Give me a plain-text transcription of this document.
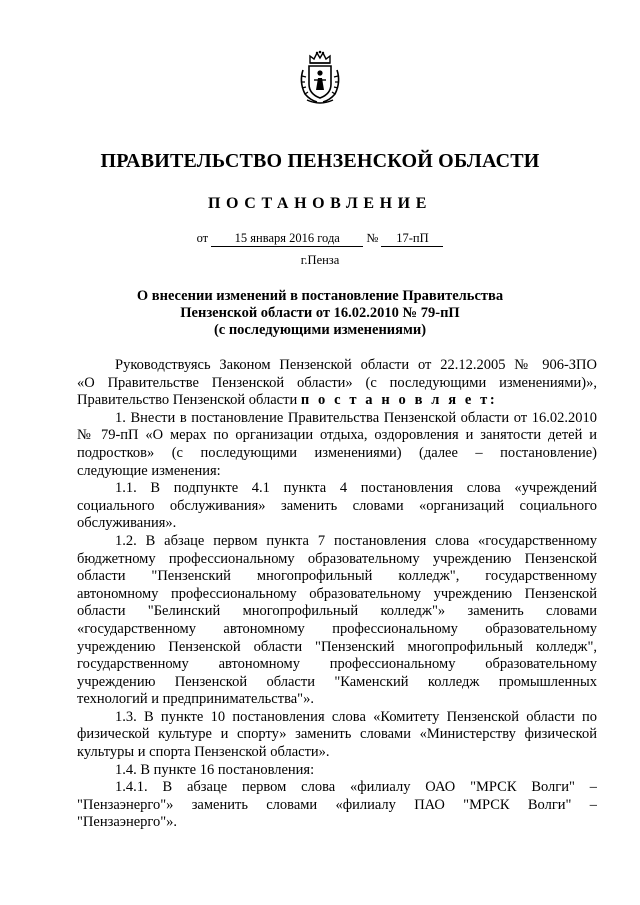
ПРАВИТЕЛЬСТВО ПЕНЗЕНСКОЙ ОБЛАСТИ
ПОСТАНОВЛЕНИЕ
от 15 января 2016 года № 17-пП
г.Пенза
О внесении изменений в постановление Правительства
Пензенской области от 16.02.2010 № 79-пП
(с последующими изменениями)
Руководствуясь Законом Пензенской области от 22.12.2005 № 906-ЗПО
«О Правительстве Пензенской области» (с последующими изменениями)»,
Правительство Пензенской области п о с т а н о в л я е т:
1. Внести в постановление Правительства Пензенской области от 16.02.2010
№ 79-пП «О мерах по организации отдыха, оздоровления и занятости детей и
подростков» (с последующими изменениями) (далее – постановление)
следующие изменения:
1.1. В подпункте 4.1 пункта 4 постановления слова «учреждений
социального обслуживания» заменить словами «организаций социального
обслуживания».
1.2. В абзаце первом пункта 7 постановления слова «государственному
бюджетному профессиональному образовательному учреждению Пензенской
области "Пензенский многопрофильный колледж", государственному
автономному профессиональному образовательному учреждению Пензенской
области "Белинский многопрофильный колледж"» заменить словами
«государственному автономному профессиональному образовательному
учреждению Пензенской области "Пензенский многопрофильный колледж",
государственному автономному профессиональному образовательному
учреждению Пензенской области "Каменский колледж промышленных
технологий и предпринимательства"».
1.3. В пункте 10 постановления слова «Комитету Пензенской области по
физической культуре и спорту» заменить словами «Министерству физической
культуры и спорта Пензенской области».
1.4. В пункте 16 постановления:
1.4.1. В абзаце первом слова «филиалу ОАО "МРСК Волги" –
"Пензаэнерго"» заменить словами «филиалу ПАО "МРСК Волги" –
"Пензаэнерго"».
